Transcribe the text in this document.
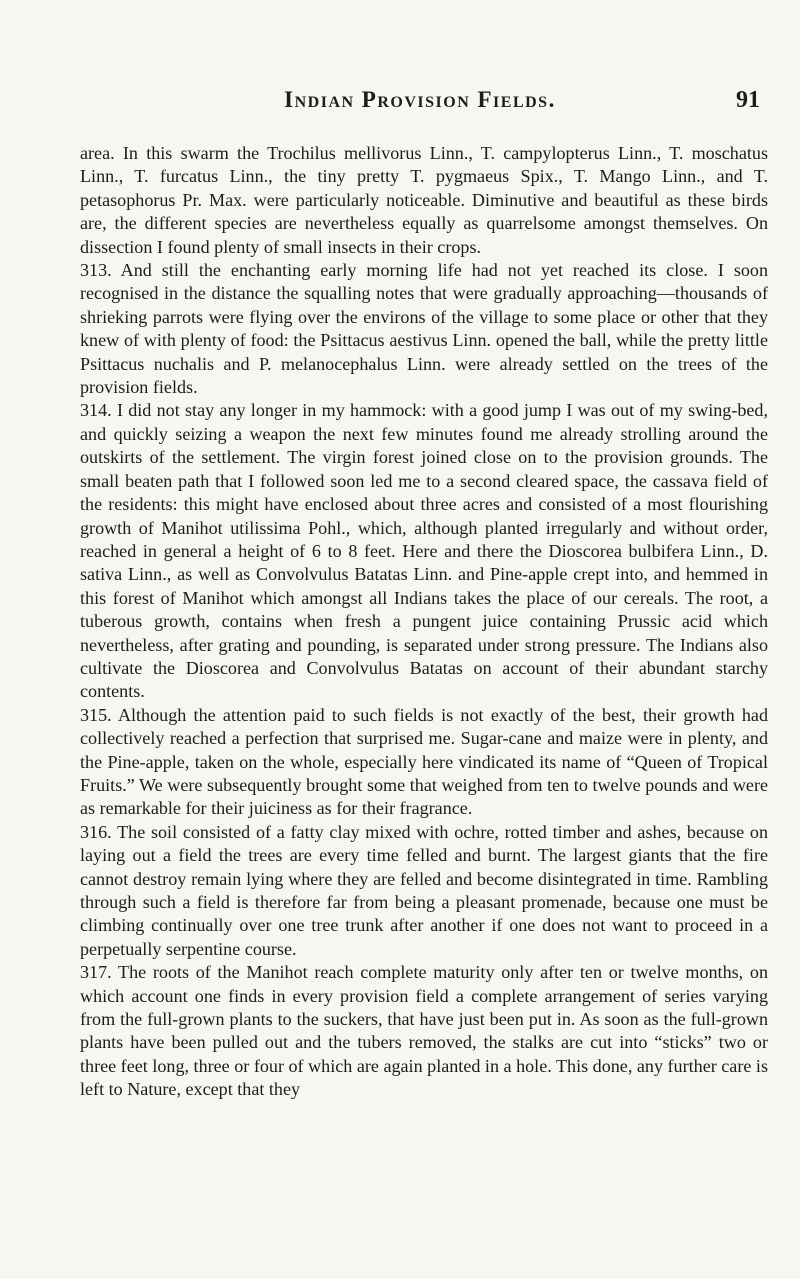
Indian Provision Fields.	91

area. In this swarm the Trochilus mellivorus Linn., T. campylopterus Linn., T. moschatus Linn., T. furcatus Linn., the tiny pretty T. pygmaeus Spix., T. Mango Linn., and T. petasophorus Pr. Max. were particularly noticeable. Diminutive and beautiful as these birds are, the different species are nevertheless equally as quarrelsome amongst themselves. On dissection I found plenty of small insects in their crops.

313. And still the enchanting early morning life had not yet reached its close. I soon recognised in the distance the squalling notes that were gradually approaching—thousands of shrieking parrots were flying over the environs of the village to some place or other that they knew of with plenty of food: the Psittacus aestivus Linn. opened the ball, while the pretty little Psittacus nuchalis and P. melanocephalus Linn. were already settled on the trees of the provision fields.

314. I did not stay any longer in my hammock: with a good jump I was out of my swing-bed, and quickly seizing a weapon the next few minutes found me already strolling around the outskirts of the settlement. The virgin forest joined close on to the provision grounds. The small beaten path that I followed soon led me to a second cleared space, the cassava field of the residents: this might have enclosed about three acres and consisted of a most flourishing growth of Manihot utilissima Pohl., which, although planted irregularly and without order, reached in general a height of 6 to 8 feet. Here and there the Dioscorea bulbifera Linn., D. sativa Linn., as well as Convolvulus Batatas Linn. and Pine-apple crept into, and hemmed in this forest of Manihot which amongst all Indians takes the place of our cereals. The root, a tuberous growth, contains when fresh a pungent juice containing Prussic acid which nevertheless, after grating and pounding, is separated under strong pressure. The Indians also cultivate the Dioscorea and Convolvulus Batatas on account of their abundant starchy contents.

315. Although the attention paid to such fields is not exactly of the best, their growth had collectively reached a perfection that surprised me. Sugar-cane and maize were in plenty, and the Pine-apple, taken on the whole, especially here vindicated its name of “Queen of Tropical Fruits.” We were subsequently brought some that weighed from ten to twelve pounds and were as remarkable for their juiciness as for their fragrance.

316. The soil consisted of a fatty clay mixed with ochre, rotted timber and ashes, because on laying out a field the trees are every time felled and burnt. The largest giants that the fire cannot destroy remain lying where they are felled and become disintegrated in time. Rambling through such a field is therefore far from being a pleasant promenade, because one must be climbing continually over one tree trunk after another if one does not want to proceed in a perpetually serpentine course.

317. The roots of the Manihot reach complete maturity only after ten or twelve months, on which account one finds in every provision field a complete arrangement of series varying from the full-grown plants to the suckers, that have just been put in. As soon as the full-grown plants have been pulled out and the tubers removed, the stalks are cut into “sticks” two or three feet long, three or four of which are again planted in a hole. This done, any further care is left to Nature, except that they
